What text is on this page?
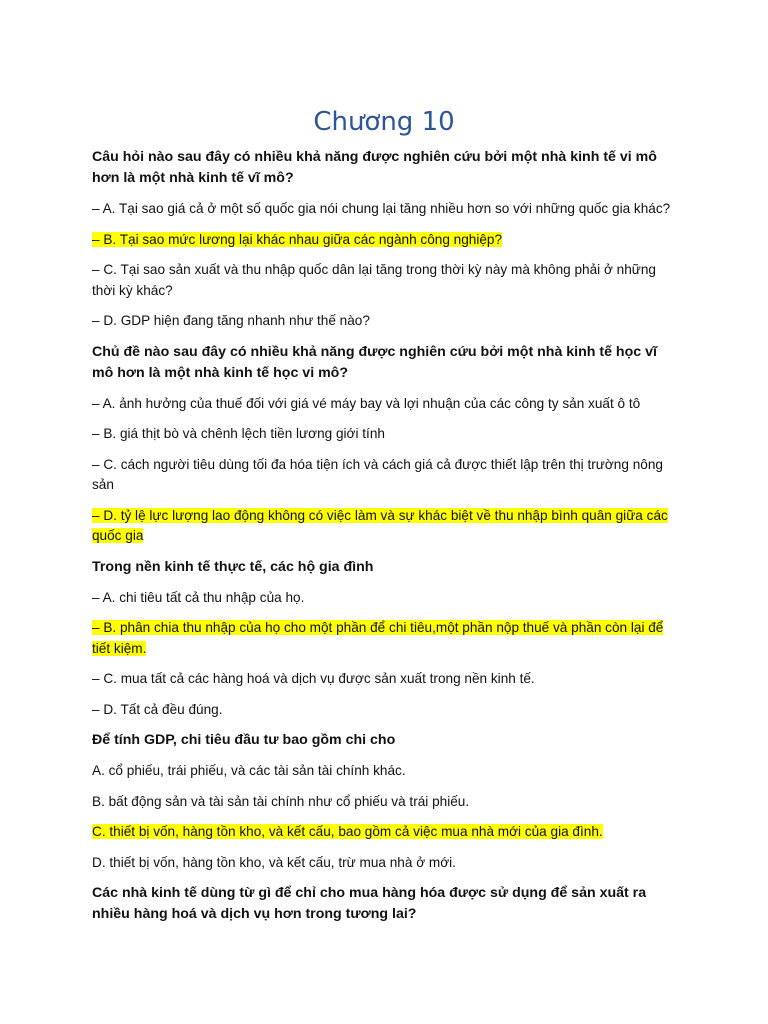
Chương 10

Câu hỏi nào sau đây có nhiều khả năng được nghiên cứu bởi một nhà kinh tế vi mô hơn là một nhà kinh tế vĩ mô?

– A. Tại sao giá cả ở một số quốc gia nói chung lại tăng nhiều hơn so với những quốc gia khác?

– B. Tại sao mức lương lại khác nhau giữa các ngành công nghiệp?

– C. Tại sao sản xuất và thu nhập quốc dân lại tăng trong thời kỳ này mà không phải ở những thời kỳ khác?

– D. GDP hiện đang tăng nhanh như thế nào?

Chủ đề nào sau đây có nhiều khả năng được nghiên cứu bởi một nhà kinh tế học vĩ mô hơn là một nhà kinh tế học vi mô?

– A. ảnh hưởng của thuế đối với giá vé máy bay và lợi nhuận của các công ty sản xuất ô tô

– B. giá thịt bò và chênh lệch tiền lương giới tính

– C. cách người tiêu dùng tối đa hóa tiện ích và cách giá cả được thiết lập trên thị trường nông sản

– D. tỷ lệ lực lượng lao động không có việc làm và sự khác biệt về thu nhập bình quân giữa các quốc gia

Trong nền kinh tế thực tế, các hộ gia đình

– A. chi tiêu tất cả thu nhập của họ.

– B. phân chia thu nhập của họ cho một phần để chi tiêu,một phần nộp thuế và phần còn lại để tiết kiệm.

– C. mua tất cả các hàng hoá và dịch vụ được sản xuất trong nền kinh tế.

– D. Tất cả đều đúng.

Để tính GDP, chi tiêu đầu tư bao gồm chi cho

A. cổ phiếu, trái phiếu, và các tài sản tài chính khác.

B. bất động sản và tài sản tài chính như cổ phiếu và trái phiếu.

C. thiết bị vốn, hàng tồn kho, và kết cấu, bao gồm cả việc mua nhà mới của gia đình.

D. thiết bị vốn, hàng tồn kho, và kết cấu, trừ mua nhà ở mới.

Các nhà kinh tế dùng từ gì để chỉ cho mua hàng hóa được sử dụng để sản xuất ra nhiều hàng hoá và dịch vụ hơn trong tương lai?
